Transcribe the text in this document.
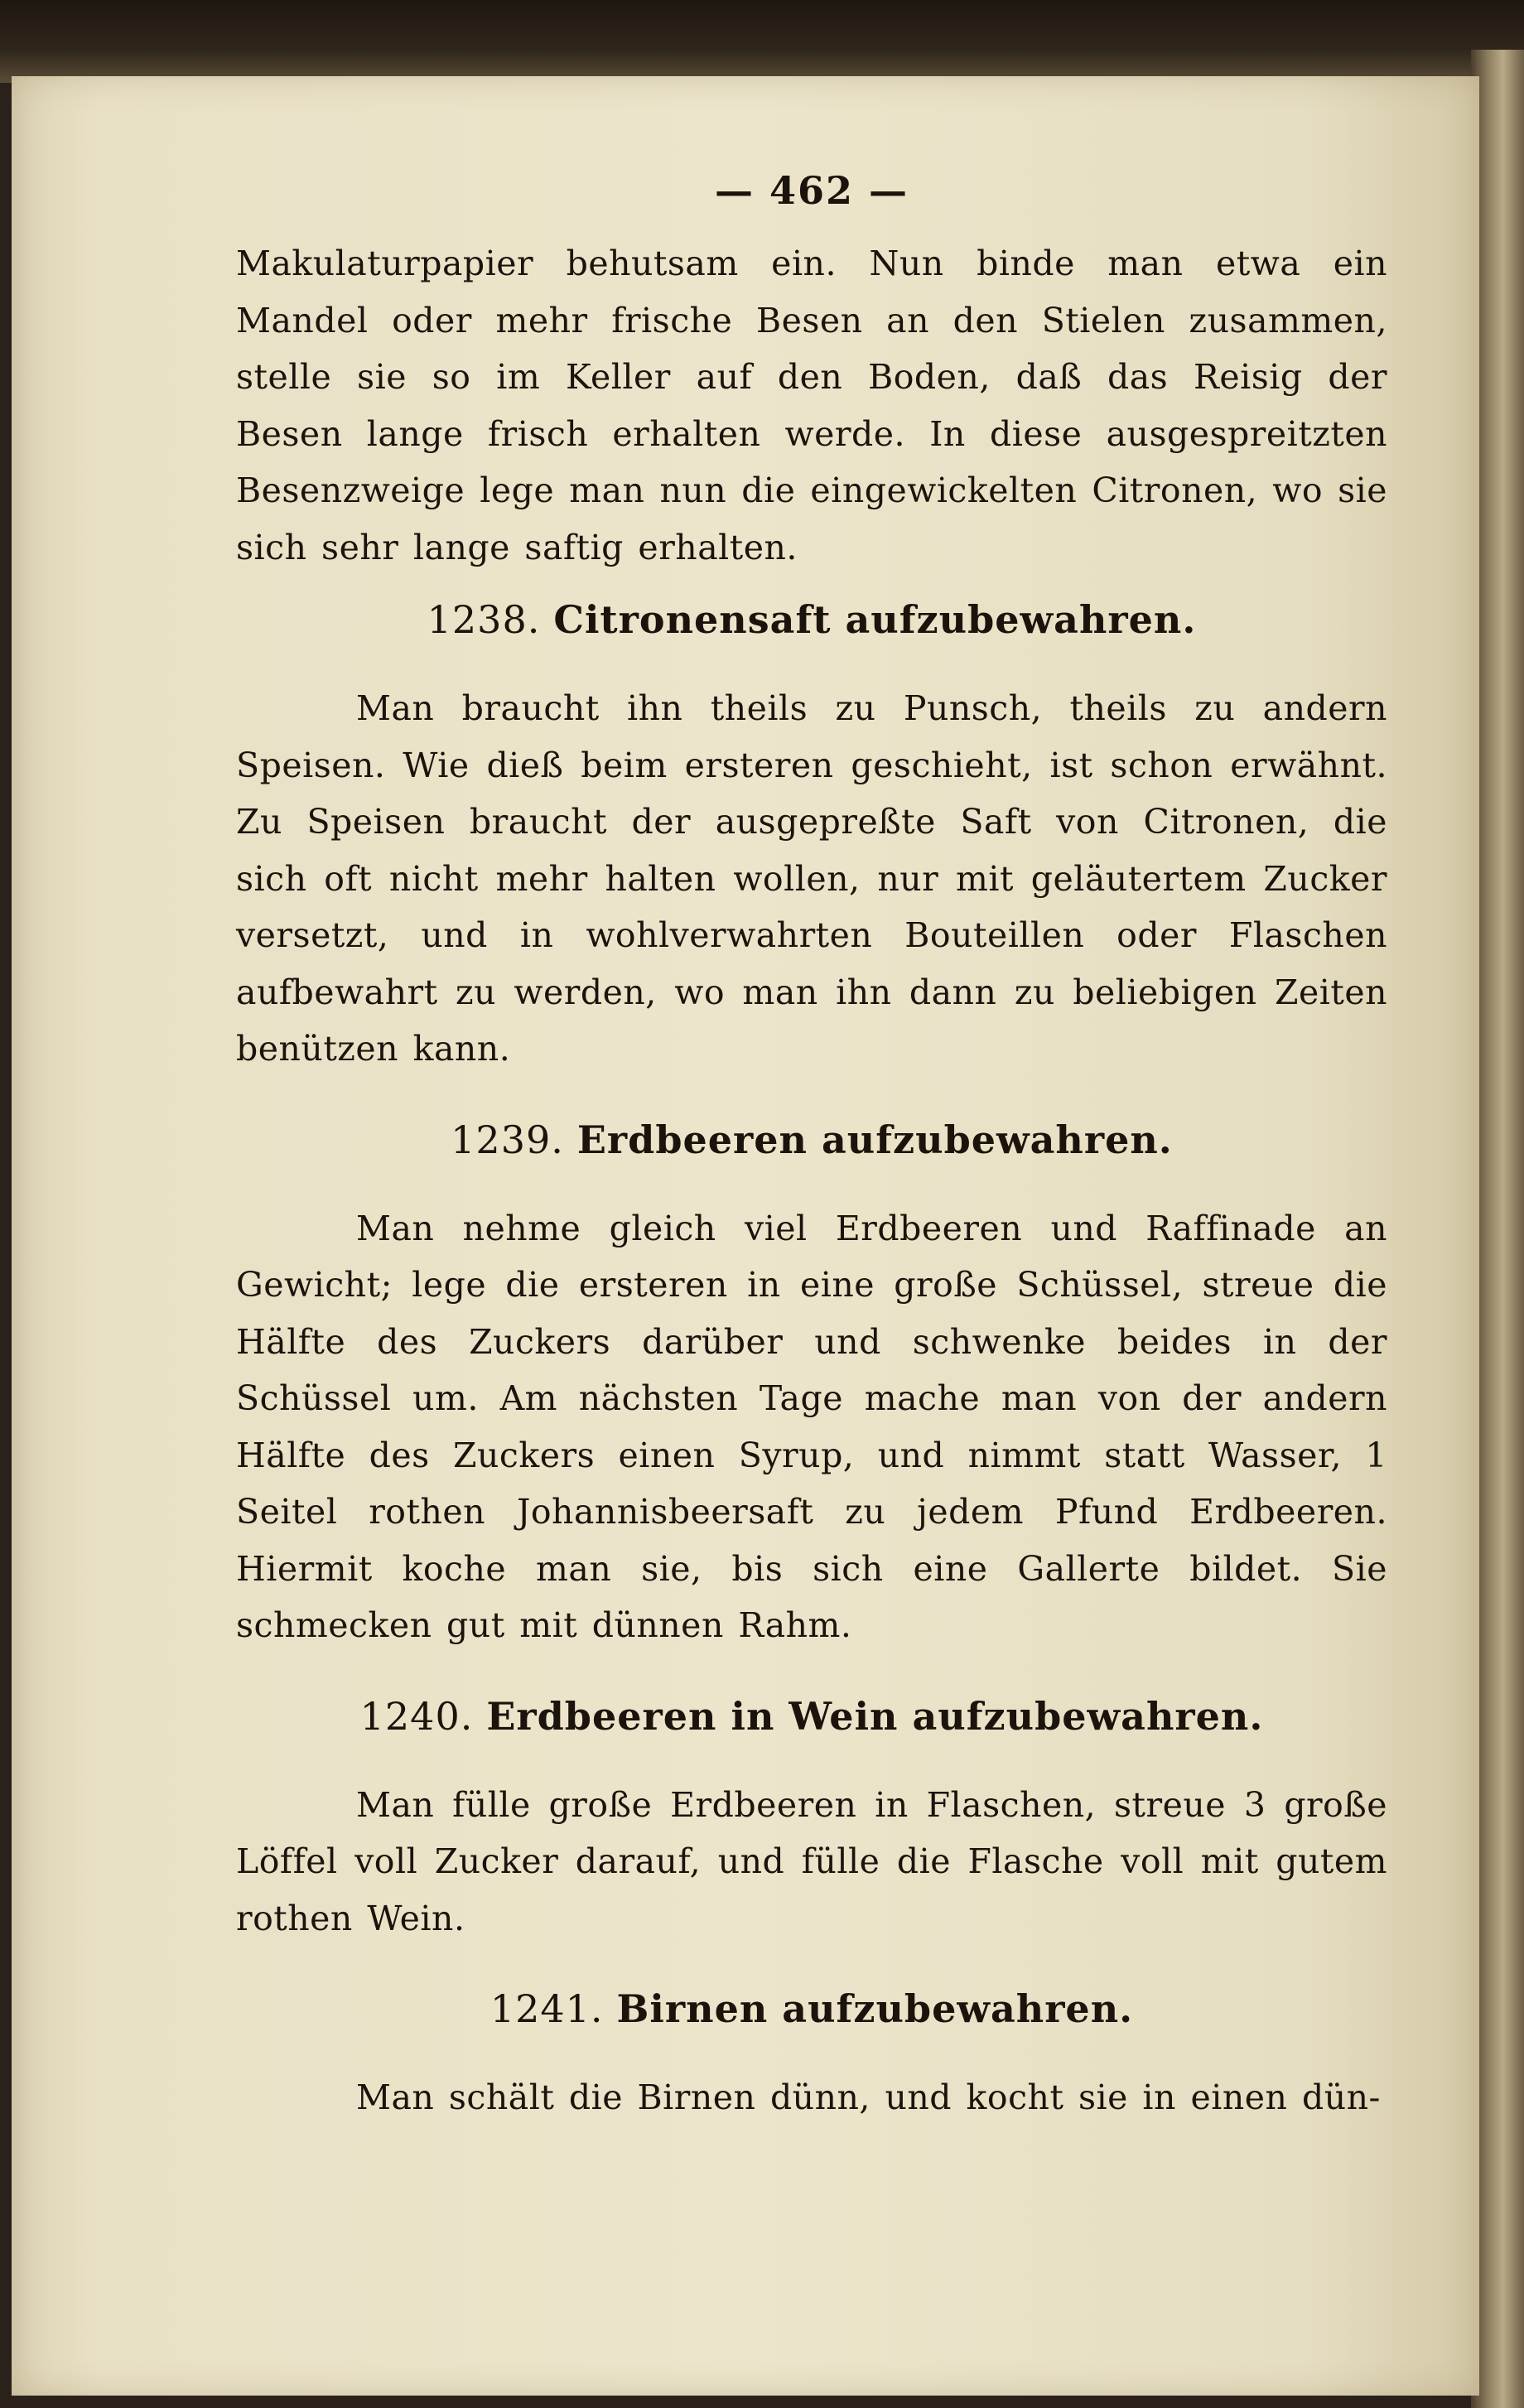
— 462 —

Makulaturpapier behutsam ein. Nun binde man etwa ein Mandel oder mehr frische Besen an den Stielen zusammen, stelle sie so im Keller auf den Boden, daß das Reisig der Besen lange frisch erhalten werde. In diese ausgespreitzten Besenzweige lege man nun die eingewickelten Citronen, wo sie sich sehr lange saftig erhalten.

1238. Citronensaft aufzubewahren.

Man braucht ihn theils zu Punsch, theils zu andern Speisen. Wie dieß beim ersteren geschieht, ist schon erwähnt. Zu Speisen braucht der ausgepreßte Saft von Citronen, die sich oft nicht mehr halten wollen, nur mit geläutertem Zucker versetzt, und in wohlverwahrten Bouteillen oder Flaschen aufbewahrt zu werden, wo man ihn dann zu beliebigen Zeiten benützen kann.

1239. Erdbeeren aufzubewahren.

Man nehme gleich viel Erdbeeren und Raffinade an Gewicht; lege die ersteren in eine große Schüssel, streue die Hälfte des Zuckers darüber und schwenke beides in der Schüssel um. Am nächsten Tage mache man von der andern Hälfte des Zuckers einen Syrup, und nimmt statt Wasser, 1 Seitel rothen Johannisbeersaft zu jedem Pfund Erdbeeren. Hiermit koche man sie, bis sich eine Gallerte bildet. Sie schmecken gut mit dünnen Rahm.

1240. Erdbeeren in Wein aufzubewahren.

Man fülle große Erdbeeren in Flaschen, streue 3 große Löffel voll Zucker darauf, und fülle die Flasche voll mit gutem rothen Wein.

1241. Birnen aufzubewahren.

Man schält die Birnen dünn, und kocht sie in einen dün-
